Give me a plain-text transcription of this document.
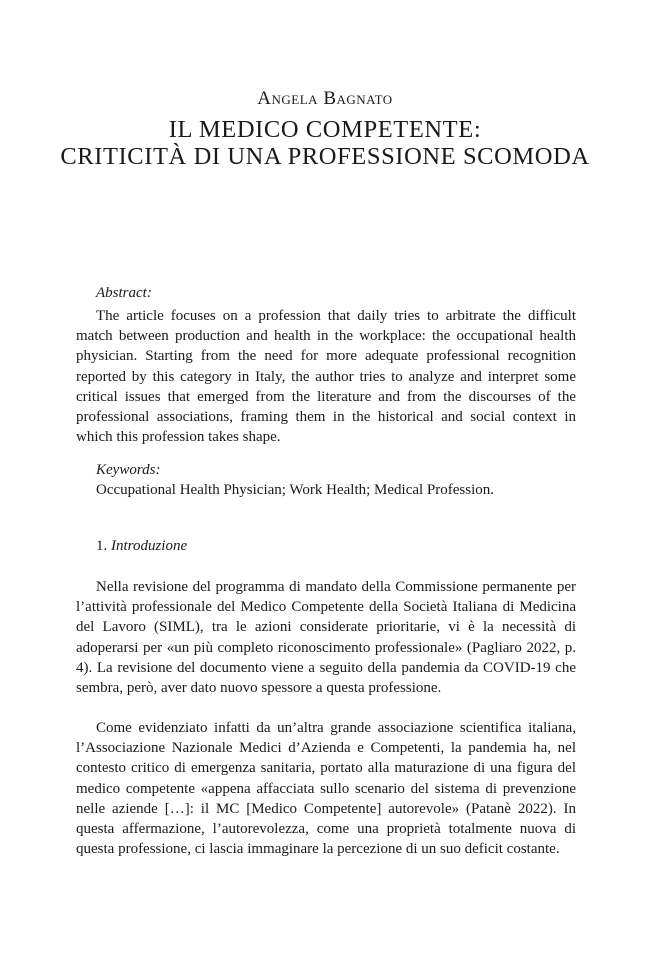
Angela Bagnato
IL MEDICO COMPETENTE:
CRITICITÀ DI UNA PROFESSIONE SCOMODA
Abstract:
The article focuses on a profession that daily tries to arbitrate the difficult match between production and health in the workplace: the occupational health physician. Starting from the need for more adequate professional recognition reported by this category in Italy, the author tries to analyze and interpret some critical issues that emerged from the literature and from the discourses of the professional associations, framing them in the historical and social context in which this profession takes shape.
Keywords:
Occupational Health Physician; Work Health; Medical Profession.
1. Introduzione
Nella revisione del programma di mandato della Commissione permanente per l’attività professionale del Medico Competente della Società Italiana di Medicina del Lavoro (SIML), tra le azioni considerate prioritarie, vi è la necessità di adoperarsi per «un più completo riconoscimento professionale» (Pagliaro 2022, p. 4). La revisione del documento viene a seguito della pandemia da COVID-19 che sembra, però, aver dato nuovo spessore a questa professione.
Come evidenziato infatti da un’altra grande associazione scientifica italiana, l’Associazione Nazionale Medici d’Azienda e Competenti, la pandemia ha, nel contesto critico di emergenza sanitaria, portato alla maturazione di una figura del medico competente «appena affacciata sullo scenario del sistema di prevenzione nelle aziende […]: il MC [Medico Competente] autorevole» (Patanè 2022). In questa affermazione, l’autorevolezza, come una proprietà totalmente nuova di questa professione, ci lascia immaginare la percezione di un suo deficit costante.
